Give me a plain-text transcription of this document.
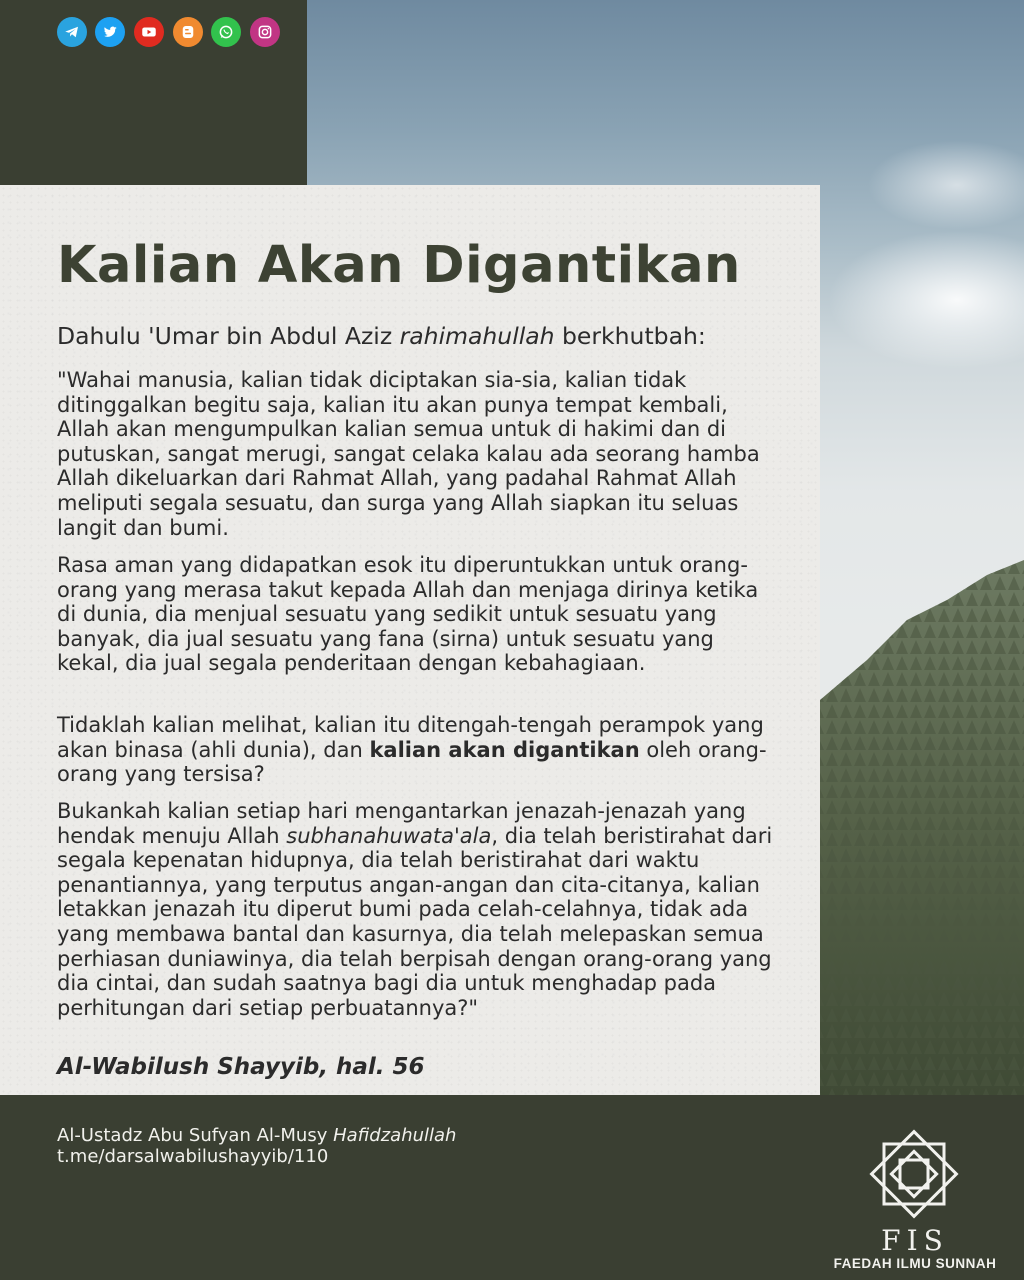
Kalian Akan Digantikan

Dahulu 'Umar bin Abdul Aziz rahimahullah berkhutbah:

"Wahai manusia, kalian tidak diciptakan sia-sia, kalian tidak ditinggalkan begitu saja, kalian itu akan punya tempat kembali, Allah akan mengumpulkan kalian semua untuk di hakimi dan di putuskan, sangat merugi, sangat celaka kalau ada seorang hamba Allah dikeluarkan dari Rahmat Allah, yang padahal Rahmat Allah meliputi segala sesuatu, dan surga yang Allah siapkan itu seluas langit dan bumi.

Rasa aman yang didapatkan esok itu diperuntukkan untuk orang-orang yang merasa takut kepada Allah dan menjaga dirinya ketika di dunia, dia menjual sesuatu yang sedikit untuk sesuatu yang banyak, dia jual sesuatu yang fana (sirna) untuk sesuatu yang kekal, dia jual segala penderitaan dengan kebahagiaan.

Tidaklah kalian melihat, kalian itu ditengah-tengah perampok yang akan binasa (ahli dunia), dan kalian akan digantikan oleh orang-orang yang tersisa?

Bukankah kalian setiap hari mengantarkan jenazah-jenazah yang hendak menuju Allah subhanahuwata'ala, dia telah beristirahat dari segala kepenatan hidupnya, dia telah beristirahat dari waktu penantiannya, yang terputus angan-angan dan cita-citanya, kalian letakkan jenazah itu diperut bumi pada celah-celahnya, tidak ada yang membawa bantal dan kasurnya, dia telah melepaskan semua perhiasan duniawinya, dia telah berpisah dengan orang-orang yang dia cintai, dan sudah saatnya bagi dia untuk menghadap pada perhitungan dari setiap perbuatannya?"

Al-Wabilush Shayyib, hal. 56

Al-Ustadz Abu Sufyan Al-Musy Hafidzahullah

t.me/darsalwabilushayyib/110

FIS

FAEDAH ILMU SUNNAH
